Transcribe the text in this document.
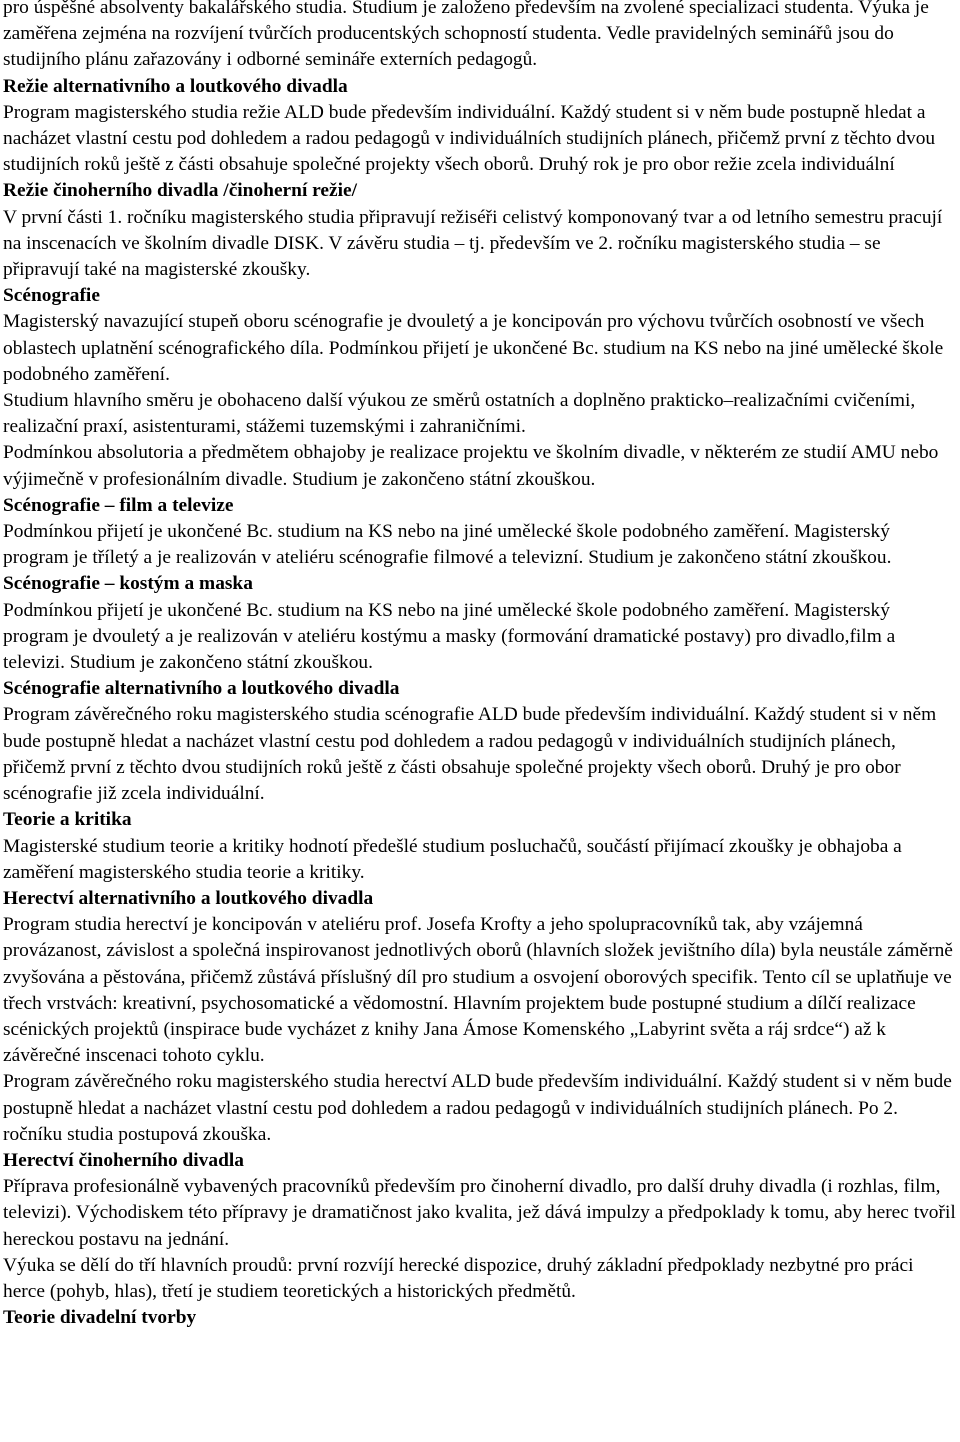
pro úspěšné absolventy bakalářského studia. Studium je založeno především na zvolené specializaci studenta. Výuka je zaměřena zejména na rozvíjení tvůrčích producentských schopností studenta. Vedle pravidelných seminářů jsou do studijního plánu zařazovány i odborné semináře externích pedagogů.

Režie alternativního a loutkového divadla

Program magisterského studia režie ALD bude především individuální. Každý student si v něm bude postupně hledat a nacházet vlastní cestu pod dohledem a radou pedagogů v individuálních studijních plánech, přičemž první z těchto dvou studijních roků ještě z části obsahuje společné projekty všech oborů. Druhý rok je pro obor režie zcela individuální

Režie činoherního divadla /činoherní režie/

V první části 1. ročníku magisterského studia připravují režiséři celistvý komponovaný tvar a od letního semestru pracují na inscenacích ve školním divadle DISK. V závěru studia – tj. především ve 2. ročníku magisterského studia – se připravují také na magisterské zkoušky.

Scénografie

Magisterský navazující stupeň oboru scénografie je dvouletý a je koncipován pro výchovu tvůrčích osobností ve všech oblastech uplatnění scénografického díla. Podmínkou přijetí je ukončené Bc. studium na KS nebo na jiné umělecké škole podobného zaměření.

Studium hlavního směru je obohaceno další výukou ze směrů ostatních a doplněno prakticko–realizačními cvičeními, realizační praxí, asistenturami, stážemi tuzemskými i zahraničními.

Podmínkou absolutoria a předmětem obhajoby je realizace projektu ve školním divadle, v některém ze studií AMU nebo výjimečně v profesionálním divadle. Studium je zakončeno státní zkouškou.

Scénografie – film a televize

Podmínkou přijetí je ukončené Bc. studium na KS nebo na jiné umělecké škole podobného zaměření. Magisterský program je tříletý a je realizován v ateliéru scénografie filmové a televizní. Studium je zakončeno státní zkouškou.

Scénografie – kostým a maska

Podmínkou přijetí je ukončené Bc. studium na KS nebo na jiné umělecké škole podobného zaměření. Magisterský program je dvouletý a je realizován v ateliéru kostýmu a masky (formování dramatické postavy) pro divadlo,film a televizi. Studium je zakončeno státní zkouškou.

Scénografie alternativního a loutkového divadla

Program závěrečného roku magisterského studia scénografie ALD bude především individuální. Každý student si v něm bude postupně hledat a nacházet vlastní cestu pod dohledem a radou pedagogů v individuálních studijních plánech, přičemž první z těchto dvou studijních roků ještě z části obsahuje společné projekty všech oborů. Druhý je pro obor scénografie již zcela individuální.

Teorie a kritika

Magisterské studium teorie a kritiky hodnotí předešlé studium posluchačů, součástí přijímací zkoušky je obhajoba a zaměření magisterského studia teorie a kritiky.

Herectví alternativního a loutkového divadla

Program studia herectví je koncipován v ateliéru prof. Josefa Krofty a jeho spolupracovníků tak, aby vzájemná provázanost, závislost a společná inspirovanost jednotlivých oborů (hlavních složek jevištního díla) byla neustále záměrně zvyšována a pěstována, přičemž zůstává příslušný díl pro studium a osvojení oborových specifik. Tento cíl se uplatňuje ve třech vrstvách: kreativní, psychosomatické a vědomostní. Hlavním projektem bude postupné studium a dílčí realizace scénických projektů (inspirace bude vycházet z knihy Jana Ámose Komenského „Labyrint světa a ráj srdce“) až k závěrečné inscenaci tohoto cyklu.

Program závěrečného roku magisterského studia herectví ALD bude především individuální. Každý student si v něm bude postupně hledat a nacházet vlastní cestu pod dohledem a radou pedagogů v individuálních studijních plánech. Po 2. ročníku studia postupová zkouška.

Herectví činoherního divadla

Příprava profesionálně vybavených pracovníků především pro činoherní divadlo, pro další druhy divadla (i rozhlas, film, televizi). Východiskem této přípravy je dramatičnost jako kvalita, jež dává impulzy a předpoklady k tomu, aby herec tvořil hereckou postavu na jednání.

Výuka se dělí do tří hlavních proudů: první rozvíjí herecké dispozice, druhý základní předpoklady nezbytné pro práci herce (pohyb, hlas), třetí je studiem teoretických a historických předmětů.

Teorie divadelní tvorby
